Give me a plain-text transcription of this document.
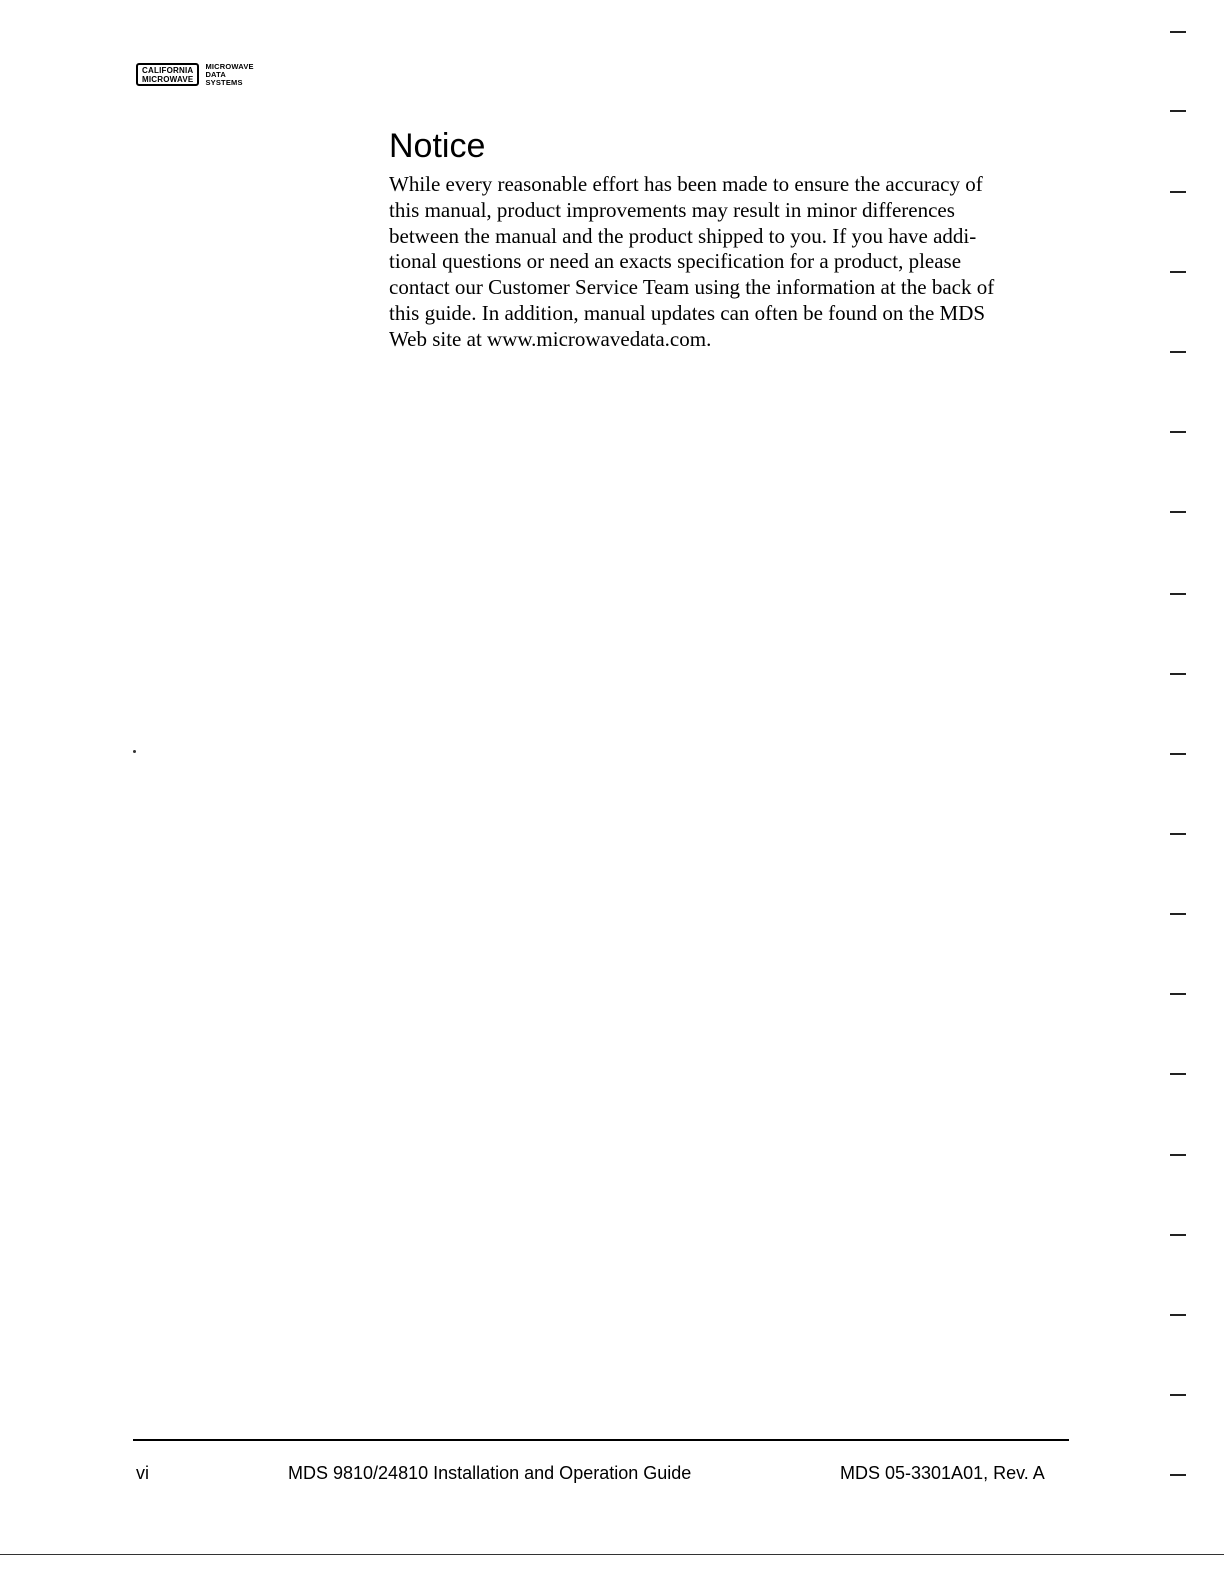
CALIFORNIA
MICROWAVE
MICROWAVE
DATA
SYSTEMS
Notice

While every reasonable effort has been made to ensure the accuracy of
this manual, product improvements may result in minor differences
between the manual and the product shipped to you. If you have addi-
tional questions or need an exacts specification for a product, please
contact our Customer Service Team using the information at the back of
this guide. In addition, manual updates can often be found on the MDS
Web site at www.microwavedata.com.

vi	MDS 9810/24810 Installation and Operation Guide	MDS 05-3301A01, Rev. A
